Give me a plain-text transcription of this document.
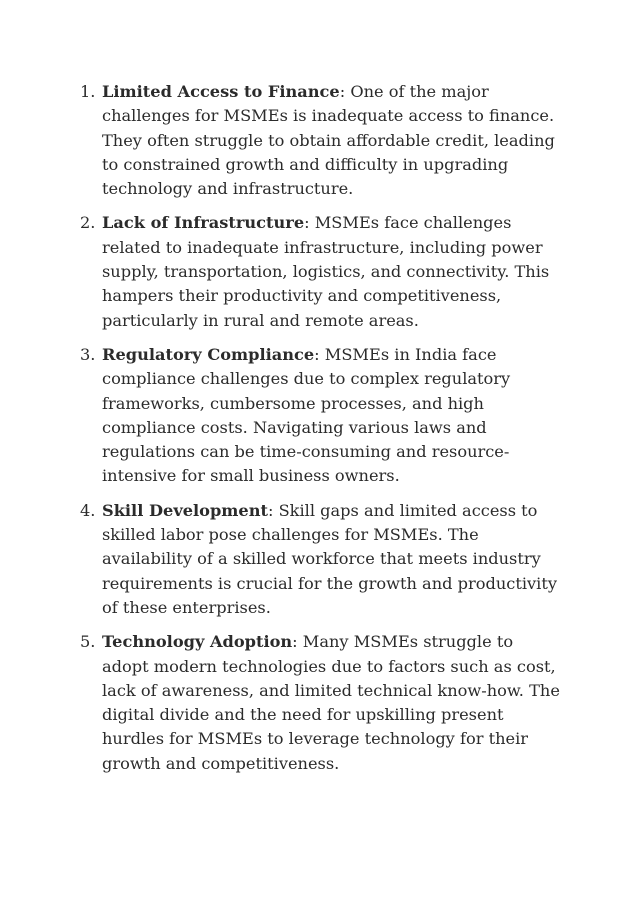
1. Limited Access to Finance: One of the major challenges for MSMEs is inadequate access to finance. They often struggle to obtain affordable credit, leading to constrained growth and difficulty in upgrading technology and infrastructure.
2. Lack of Infrastructure: MSMEs face challenges related to inadequate infrastructure, including power supply, transportation, logistics, and connectivity. This hampers their productivity and competitiveness, particularly in rural and remote areas.
3. Regulatory Compliance: MSMEs in India face compliance challenges due to complex regulatory frameworks, cumbersome processes, and high compliance costs. Navigating various laws and regulations can be time-consuming and resource-intensive for small business owners.
4. Skill Development: Skill gaps and limited access to skilled labor pose challenges for MSMEs. The availability of a skilled workforce that meets industry requirements is crucial for the growth and productivity of these enterprises.
5. Technology Adoption: Many MSMEs struggle to adopt modern technologies due to factors such as cost, lack of awareness, and limited technical know-how. The digital divide and the need for upskilling present hurdles for MSMEs to leverage technology for their growth and competitiveness.
